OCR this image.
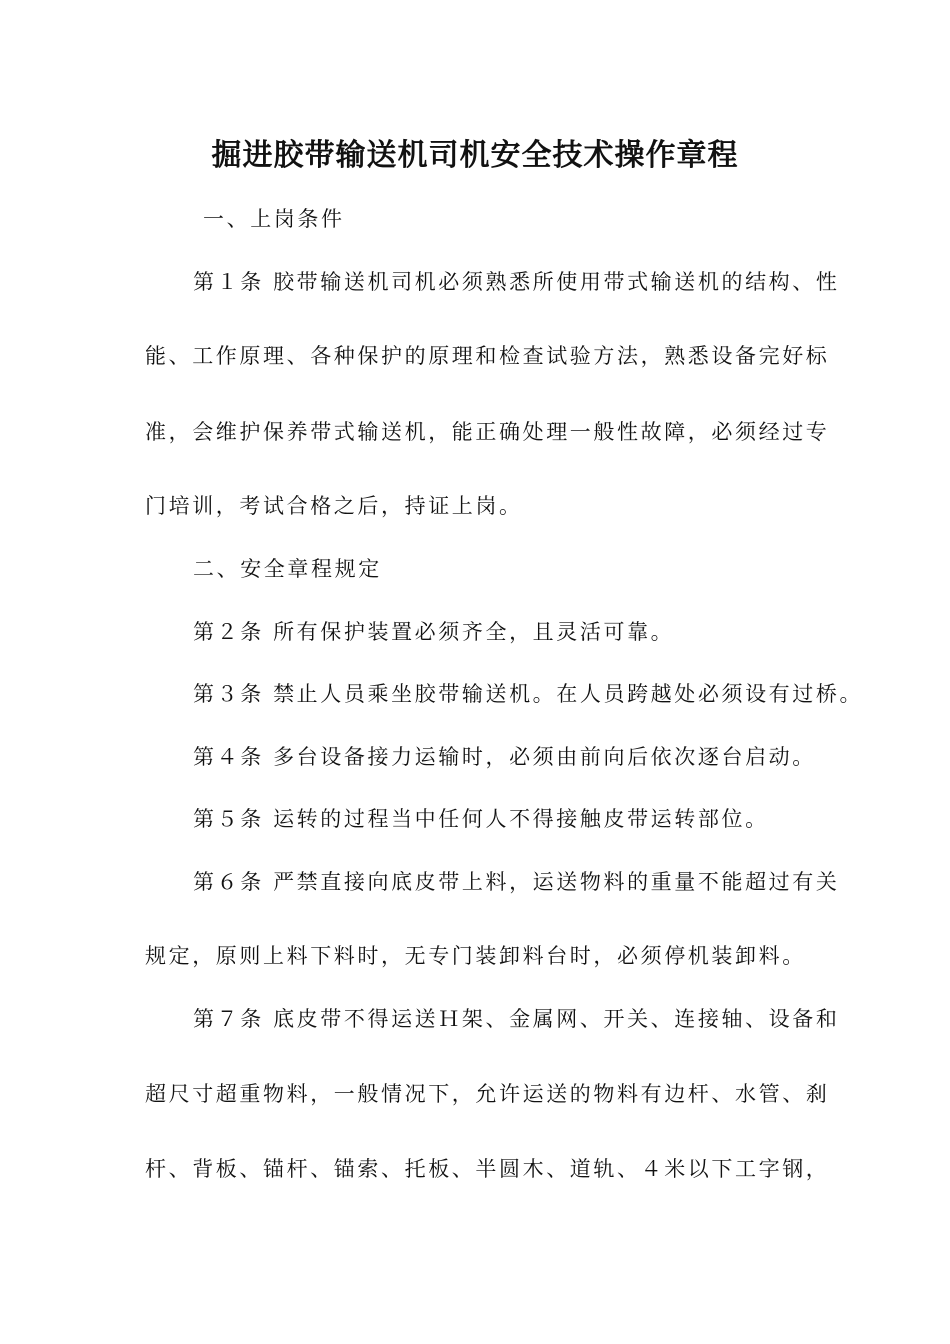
掘进胶带输送机司机安全技术操作章程
一、上岗条件
第１条 胶带输送机司机必须熟悉所使用带式输送机的结构、性
能、工作原理、各种保护的原理和检查试验方法，熟悉设备完好标
准，会维护保养带式输送机，能正确处理一般性故障，必须经过专
门培训，考试合格之后，持证上岗。
二、安全章程规定
第２条 所有保护装置必须齐全，且灵活可靠。
第３条 禁止人员乘坐胶带输送机。在人员跨越处必须设有过桥。
第４条 多台设备接力运输时，必须由前向后依次逐台启动。
第５条 运转的过程当中任何人不得接触皮带运转部位。
第６条 严禁直接向底皮带上料，运送物料的重量不能超过有关
规定，原则上料下料时，无专门装卸料台时，必须停机装卸料。
第７条 底皮带不得运送Ｈ架、金属网、开关、连接轴、设备和
超尺寸超重物料，一般情况下，允许运送的物料有边杆、水管、刹
杆、背板、锚杆、锚索、托板、半圆木、道轨、４米以下工字钢，
